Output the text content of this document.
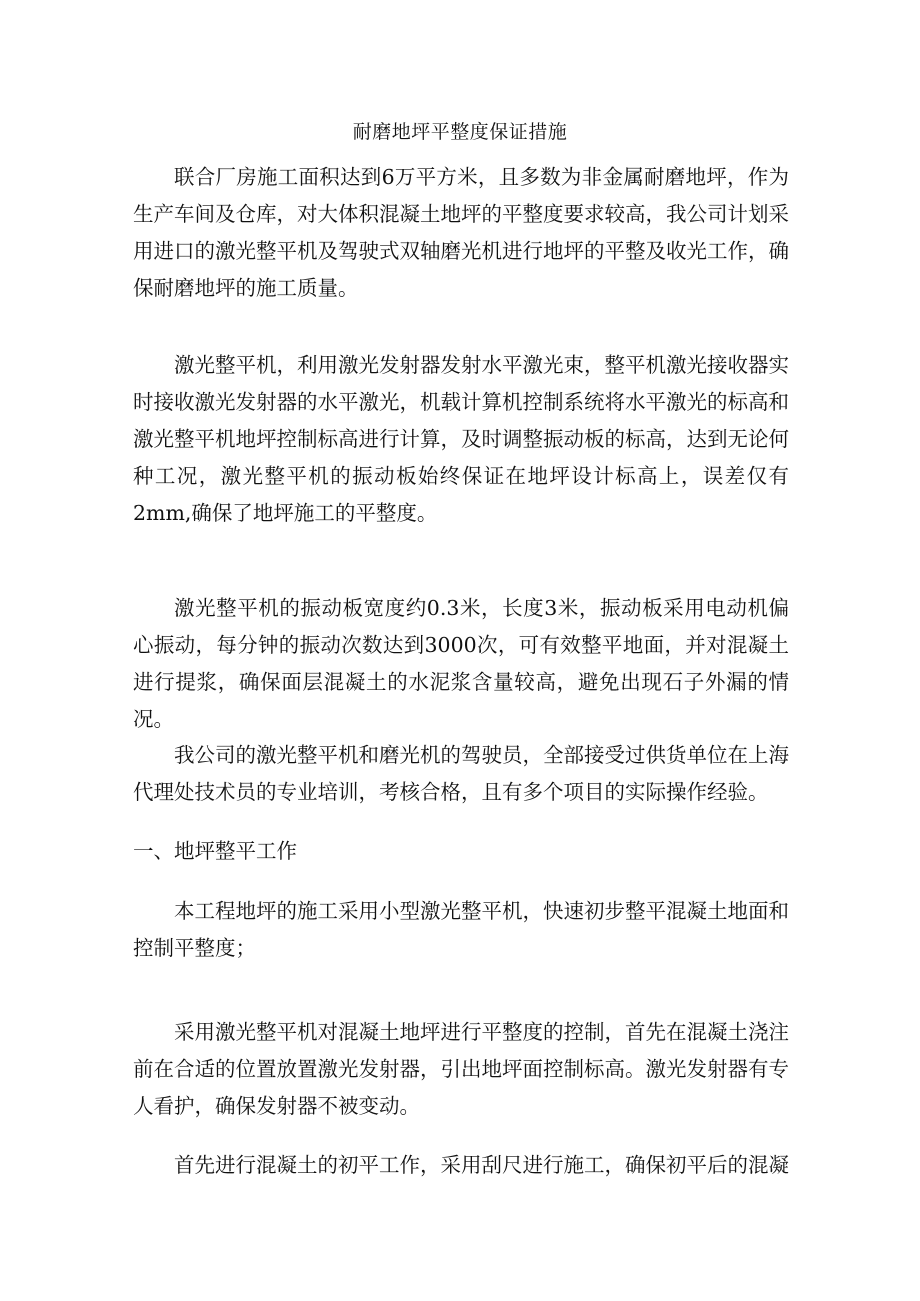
耐磨地坪平整度保证措施

联合厂房施工面积达到6万平方米，且多数为非金属耐磨地坪，作为生产车间及仓库，对大体积混凝土地坪的平整度要求较高，我公司计划采用进口的激光整平机及驾驶式双轴磨光机进行地坪的平整及收光工作，确保耐磨地坪的施工质量。

激光整平机，利用激光发射器发射水平激光束，整平机激光接收器实时接收激光发射器的水平激光，机载计算机控制系统将水平激光的标高和激光整平机地坪控制标高进行计算，及时调整振动板的标高，达到无论何种工况，激光整平机的振动板始终保证在地坪设计标高上，误差仅有2mm,确保了地坪施工的平整度。

激光整平机的振动板宽度约0.3米，长度3米，振动板采用电动机偏心振动，每分钟的振动次数达到3000次，可有效整平地面，并对混凝土进行提浆，确保面层混凝土的水泥浆含量较高，避免出现石子外漏的情况。

我公司的激光整平机和磨光机的驾驶员，全部接受过供货单位在上海代理处技术员的专业培训，考核合格，且有多个项目的实际操作经验。

一、地坪整平工作

本工程地坪的施工采用小型激光整平机，快速初步整平混凝土地面和控制平整度；

采用激光整平机对混凝土地坪进行平整度的控制，首先在混凝土浇注前在合适的位置放置激光发射器，引出地坪面控制标高。激光发射器有专人看护，确保发射器不被变动。

首先进行混凝土的初平工作，采用刮尺进行施工，确保初平后的混凝
